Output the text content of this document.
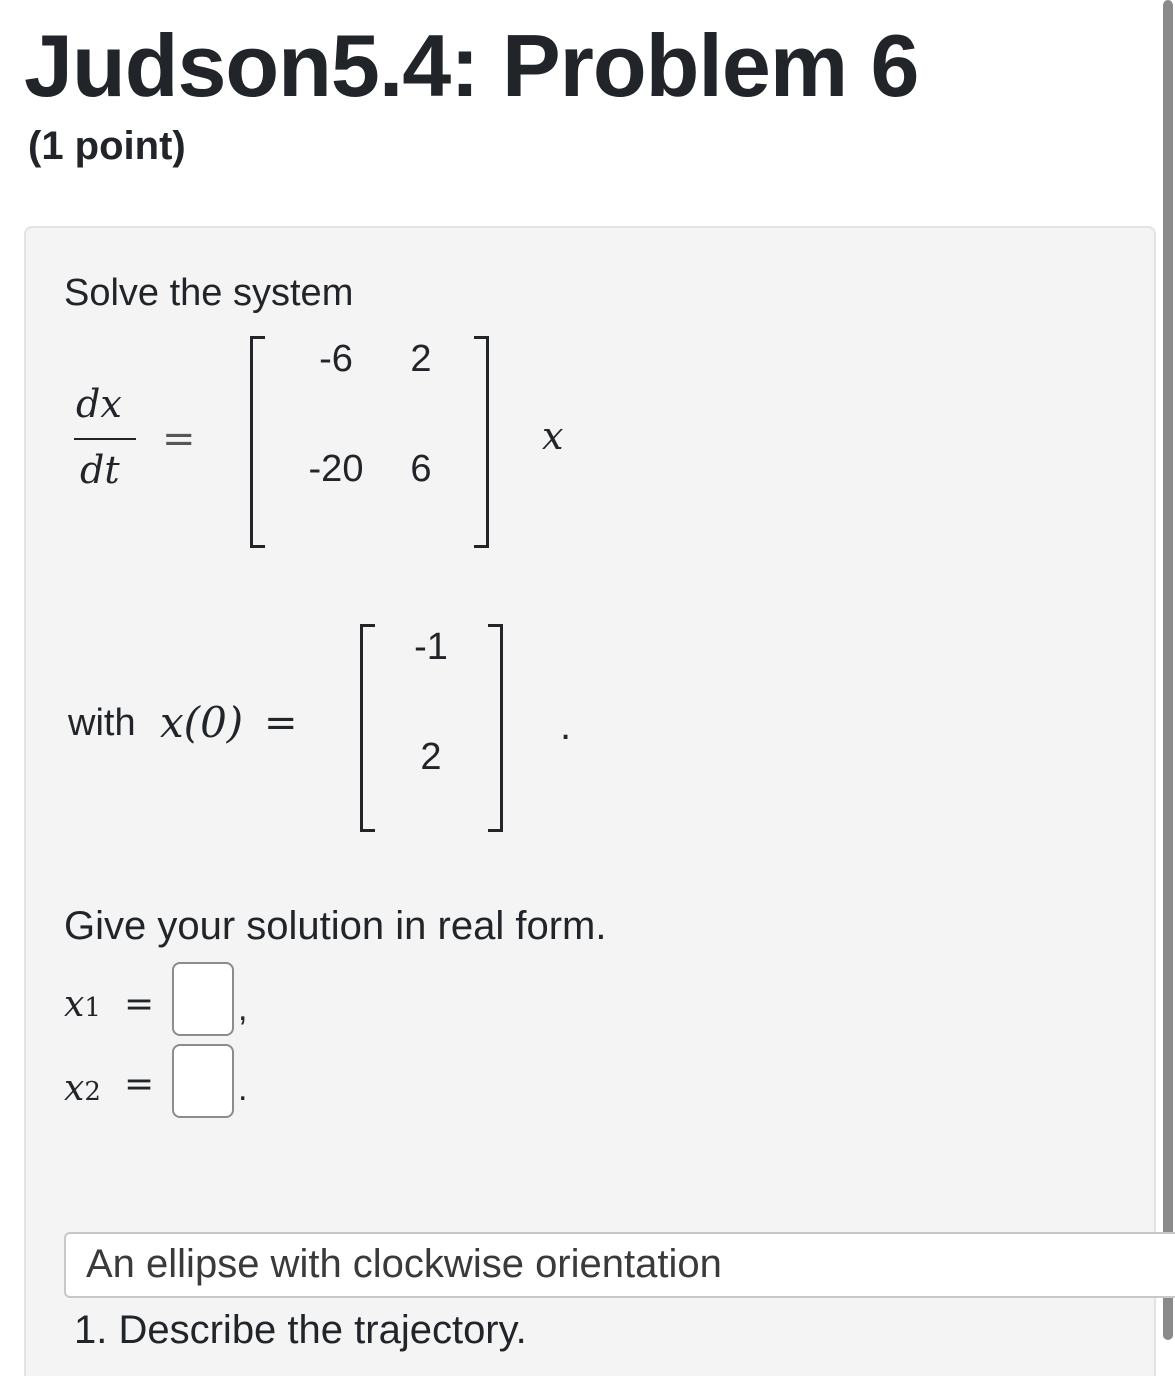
Judson5.4: Problem 6
(1 point)
Solve the system
dx
dt
=
-6	2
-20	6
x
with x(0) =
-1
2
.
Give your solution in real form.
x1 = ,
x2 = .
1. Describe the trajectory.
An ellipse with clockwise orientation
